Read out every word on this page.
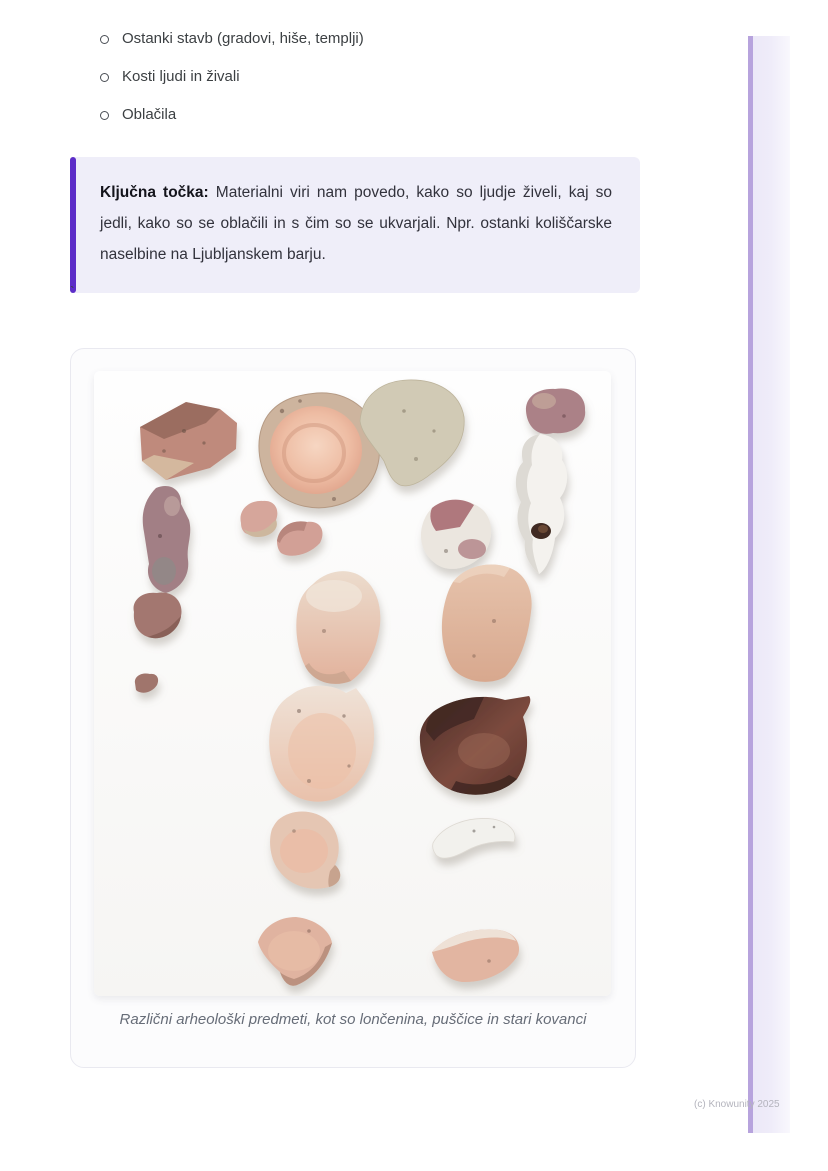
Ostanki stavb (gradovi, hiše, templji)
Kosti ljudi in živali
Oblačila

Ključna točka: Materialni viri nam povedo, kako so ljudje živeli, kaj so jedli, kako so se oblačili in s čim so se ukvarjali. Npr. ostanki koliščarske naselbine na Ljubljanskem barju.

`
Različni arheološki predmeti, kot so lončenina, puščice in stari kovanci
(c) Knowunity 2025
